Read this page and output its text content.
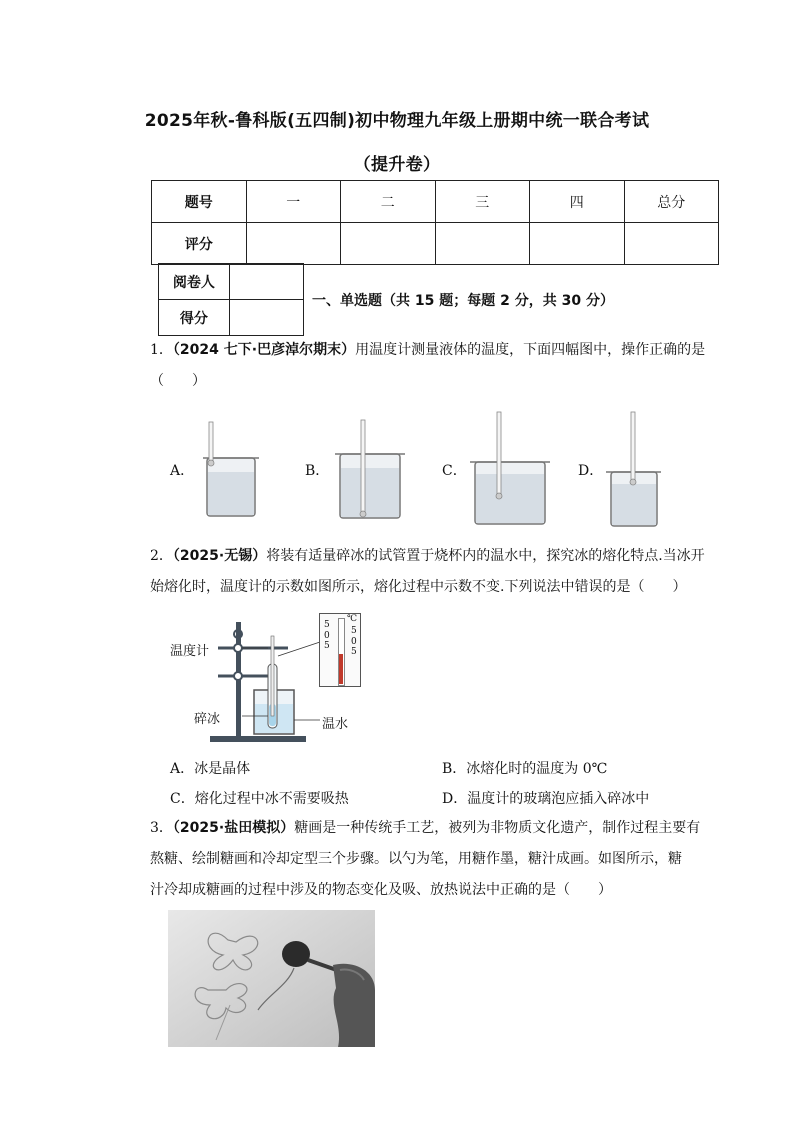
2025年秋-鲁科版(五四制)初中物理九年级上册期中统一联合考试
（提升卷）
题号	一	二	三	四	总分
评分					
阅卷人	
得分	
一、单选题（共 15 题；每题 2 分，共 30 分）
1．（2024 七下·巴彦淖尔期末）用温度计测量液体的温度，下面四幅图中，操作正确的是
（　　）
A．	B．	C．	D．
2．（2025·无锡）将装有适量碎冰的试管置于烧杯内的温水中，探究冰的熔化特点.当冰开
始熔化时，温度计的示数如图所示，熔化过程中示数不变.下列说法中错误的是（　　）
温度计
碎冰	温水
℃
5
0
5
5
0
5
A．冰是晶体	B．冰熔化时的温度为 0℃
C．熔化过程中冰不需要吸热	D．温度计的玻璃泡应插入碎冰中
3．（2025·盐田模拟）糖画是一种传统手工艺，被列为非物质文化遗产，制作过程主要有
熬糖、绘制糖画和冷却定型三个步骤。以勺为笔，用糖作墨，糖汁成画。如图所示，糖
汁冷却成糖画的过程中涉及的物态变化及吸、放热说法中正确的是（　　）
